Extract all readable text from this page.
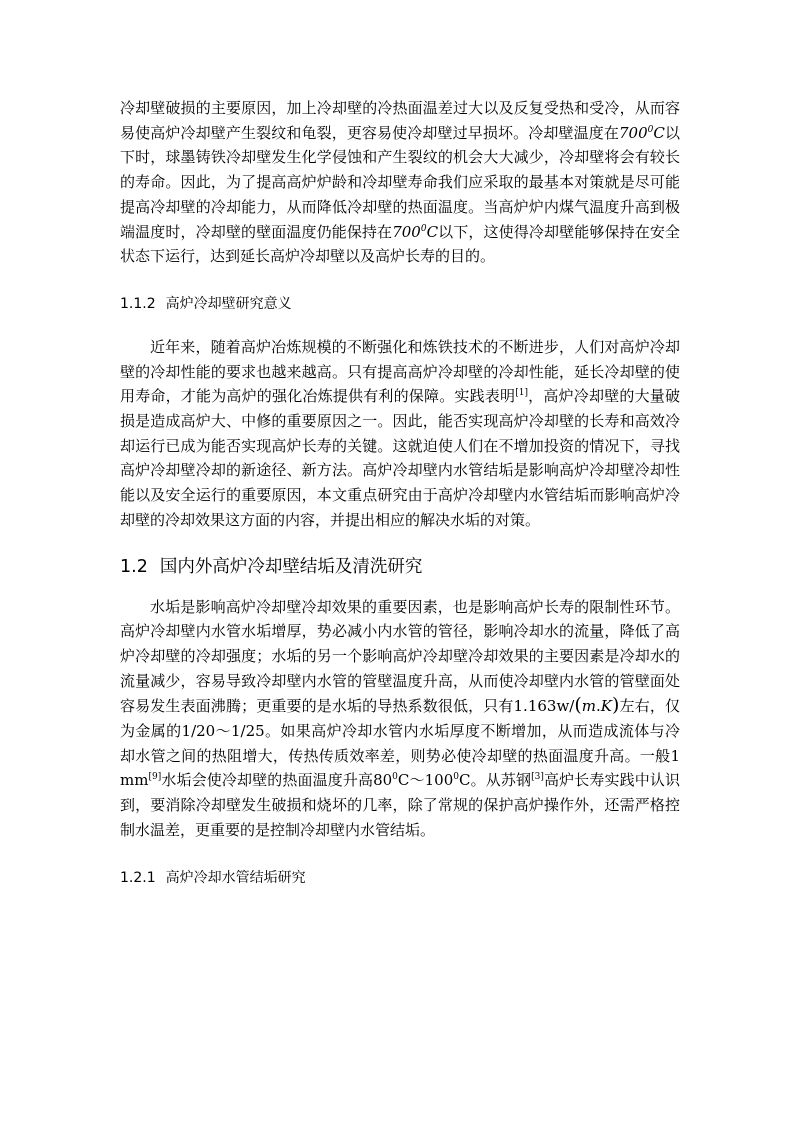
冷却壁破损的主要原因，加上冷却壁的冷热面温差过大以及反复受热和受冷，从而容易使高炉冷却壁产生裂纹和龟裂，更容易使冷却壁过早损坏。冷却壁温度在$700^0C$以下时，球墨铸铁冷却壁发生化学侵蚀和产生裂纹的机会大大减少，冷却壁将会有较长的寿命。因此，为了提高高炉炉龄和冷却壁寿命我们应采取的最基本对策就是尽可能提高冷却壁的冷却能力，从而降低冷却壁的热面温度。当高炉炉内煤气温度升高到极端温度时，冷却壁的壁面温度仍能保持在$700^0C$以下，这使得冷却壁能够保持在安全状态下运行，达到延长高炉冷却壁以及高炉长寿的目的。

1.1.2 高炉冷却壁研究意义

近年来，随着高炉冶炼规模的不断强化和炼铁技术的不断进步，人们对高炉冷却壁的冷却性能的要求也越来越高。只有提高高炉冷却壁的冷却性能，延长冷却壁的使用寿命，才能为高炉的强化冶炼提供有利的保障。实践表明[1]，高炉冷却壁的大量破损是造成高炉大、中修的重要原因之一。因此，能否实现高炉冷却壁的长寿和高效冷却运行已成为能否实现高炉长寿的关键。这就迫使人们在不增加投资的情况下，寻找高炉冷却壁冷却的新途径、新方法。高炉冷却壁内水管结垢是影响高炉冷却壁冷却性能以及安全运行的重要原因，本文重点研究由于高炉冷却壁内水管结垢而影响高炉冷却壁的冷却效果这方面的内容，并提出相应的解决水垢的对策。

1.2 国内外高炉冷却壁结垢及清洗研究

水垢是影响高炉冷却壁冷却效果的重要因素，也是影响高炉长寿的限制性环节。高炉冷却壁内水管水垢增厚，势必减小内水管的管径，影响冷却水的流量，降低了高炉冷却壁的冷却强度；水垢的另一个影响高炉冷却壁冷却效果的主要因素是冷却水的流量减少，容易导致冷却壁内水管的管壁温度升高，从而使冷却壁内水管的管壁面处容易发生表面沸腾；更重要的是水垢的导热系数很低，只有1.163w/(m.K)左右，仅为金属的1/20～1/25。如果高炉冷却水管内水垢厚度不断增加，从而造成流体与冷却水管之间的热阻增大，传热传质效率差，则势必使冷却壁的热面温度升高。一般1mm[9]水垢会使冷却壁的热面温度升高$80^0C\sim 100^0C$。从苏钢[3]高炉长寿实践中认识到，要消除冷却壁发生破损和烧坏的几率，除了常规的保护高炉操作外，还需严格控制水温差，更重要的是控制冷却壁内水管结垢。

1.2.1 高炉冷却水管结垢研究
